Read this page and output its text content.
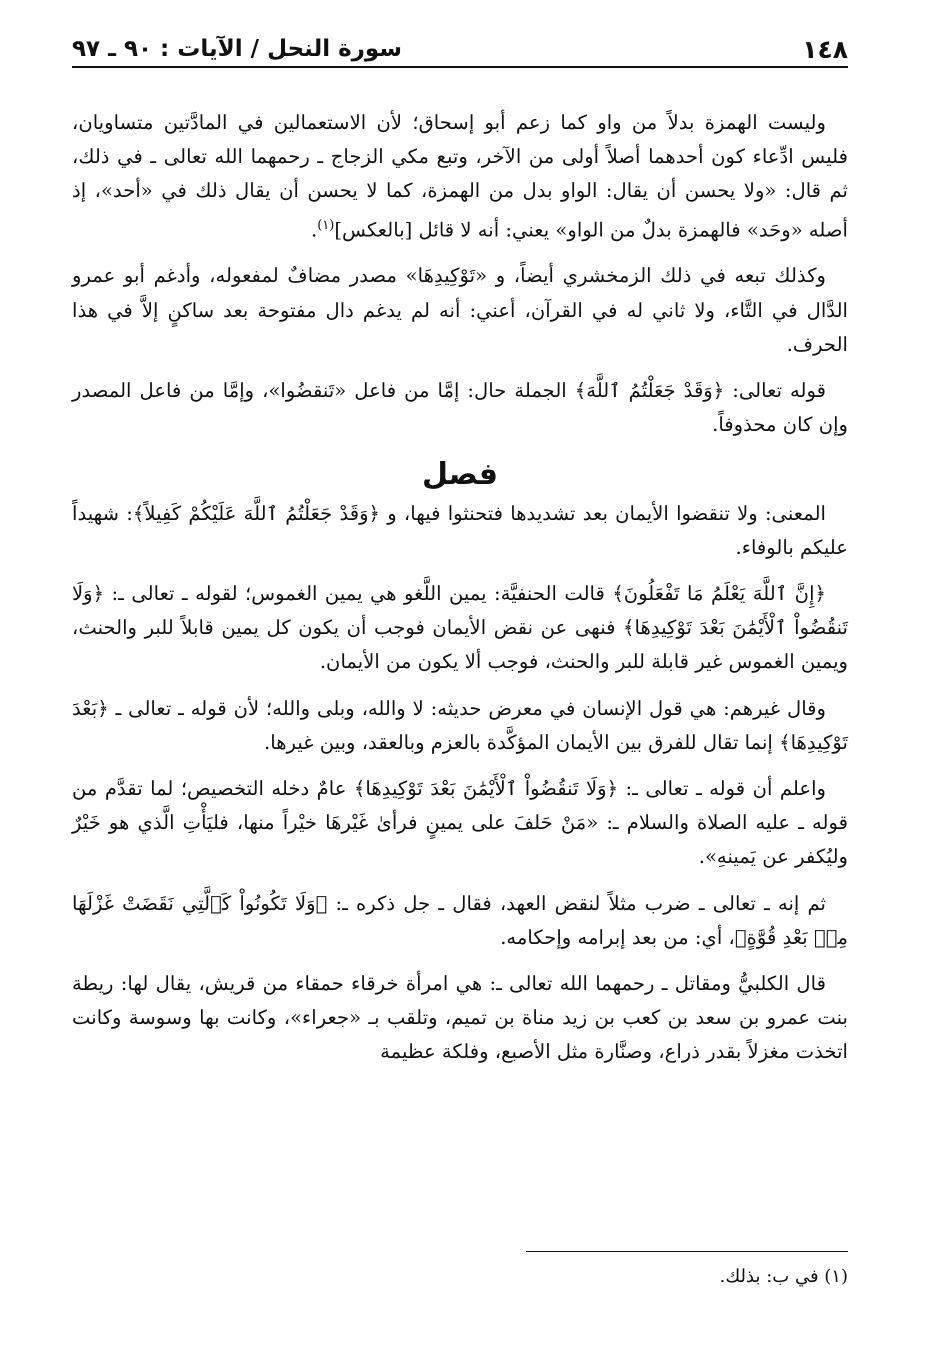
١٤٨
سورة النحل / الآيات : ٩٠ ـ ٩٧

وليست الهمزة بدلاً من واو كما زعم أبو إسحاق؛ لأن الاستعمالين في المادَّتين متساويان، فليس ادِّعاء كون أحدهما أصلاً أولى من الآخر، وتبع مكي الزجاج ـ رحمهما الله تعالى ـ في ذلك، ثم قال: «ولا يحسن أن يقال: الواو بدل من الهمزة، كما لا يحسن أن يقال ذلك في «أحد»، إذ أصله «وحَد» فالهمزة بدلٌ من الواو» يعني: أنه لا قائل [بالعكس]$^{(١)}$.

وكذلك تبعه في ذلك الزمخشري أيضاً، و «تَوْكِيدِهَا» مصدر مضافٌ لمفعوله، وأدغم أبو عمرو الدَّال في التَّاء، ولا ثاني له في القرآن، أعني: أنه لم يدغم دال مفتوحة بعد ساكنٍ إلاَّ في هذا الحرف.

قوله تعالى: ﴿وَقَدْ جَعَلْتُمُ ٱللَّهَ﴾ الجملة حال: إمَّا من فاعل «تَنقضُوا»، وإمَّا من فاعل المصدر وإن كان محذوفاً.

فصل

المعنى: ولا تنقضوا الأيمان بعد تشديدها فتحنثوا فيها، و ﴿وَقَدْ جَعَلْتُمُ ٱللَّهَ عَلَيْكُمْ كَفِيلاً﴾: شهيداً عليكم بالوفاء.

﴿إِنَّ ٱللَّهَ يَعْلَمُ مَا تَفْعَلُونَ﴾ قالت الحنفيَّة: يمين اللَّغو هي يمين الغموس؛ لقوله ـ تعالى ـ: ﴿وَلَا تَنقُضُواْ ٱلْأَيْمَٰنَ بَعْدَ تَوْكِيدِهَا﴾ فنهى عن نقض الأيمان فوجب أن يكون كل يمين قابلاً للبر والحنث، ويمين الغموس غير قابلة للبر والحنث، فوجب ألا يكون من الأيمان.

وقال غيرهم: هي قول الإنسان في معرض حديثه: لا والله، وبلى والله؛ لأن قوله ـ تعالى ـ ﴿بَعْدَ تَوْكِيدِهَا﴾ إنما تقال للفرق بين الأيمان المؤكَّدة بالعزم وبالعقد، وبين غيرها.

واعلم أن قوله ـ تعالى ـ: ﴿وَلَا تَنقُضُواْ ٱلْأَيْمَٰنَ بَعْدَ تَوْكِيدِهَا﴾ عامٌ دخله التخصيص؛ لما تقدَّم من قوله ـ عليه الصلاة والسلام ـ: «مَنْ حَلفَ على يمينٍ فرأىٰ غَيْرهَا خيْراً منها، فليَأْتِ الَّذي هو خَيْرٌ وليُكفر عن يَمينهِ».

ثم إنه ـ تعالى ـ ضرب مثلاً لنقض العهد، فقال ـ جل ذكره ـ: ﴿وَلَا تَكُونُواْ كَٱلَّتِي نَقَضَتْ غَزْلَهَا مِنۢ بَعْدِ قُوَّةٍ﴾، أي: من بعد إبرامه وإحكامه.

قال الكلبيُّ ومقاتل ـ رحمهما الله تعالى ـ: هي امرأة خرقاء حمقاء من قريش، يقال لها: ريطة بنت عمرو بن سعد بن كعب بن زيد مناة بن تميم، وتلقب بـ «جعراء»، وكانت بها وسوسة وكانت اتخذت مغزلاً بقدر ذراع، وصنَّارة مثل الأصبع، وفلكة عظيمة

(١) في ب: بذلك.
